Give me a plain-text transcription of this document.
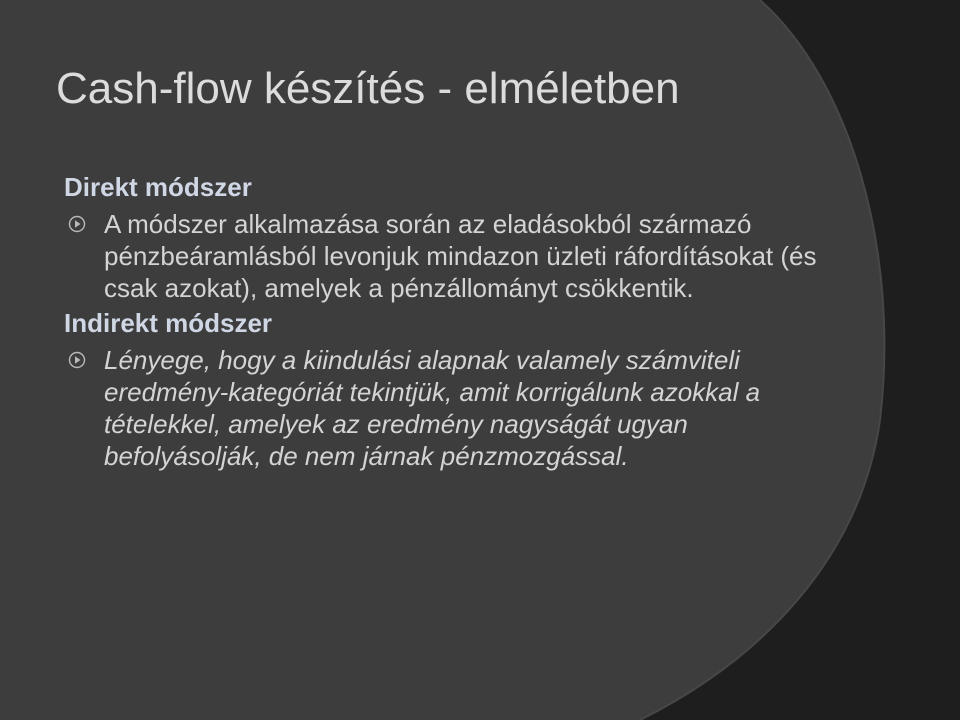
Cash-flow készítés - elméletben
Direkt módszer
A módszer alkalmazása során az eladásokból származó pénzbeáramlásból levonjuk mindazon üzleti ráfordításokat (és csak azokat), amelyek a pénzállományt csökkentik.
Indirekt módszer
Lényege, hogy a kiindulási alapnak valamely számviteli eredmény-kategóriát tekintjük, amit korrigálunk azokkal a tételekkel, amelyek az eredmény nagyságát ugyan befolyásolják, de nem járnak pénzmozgással.
